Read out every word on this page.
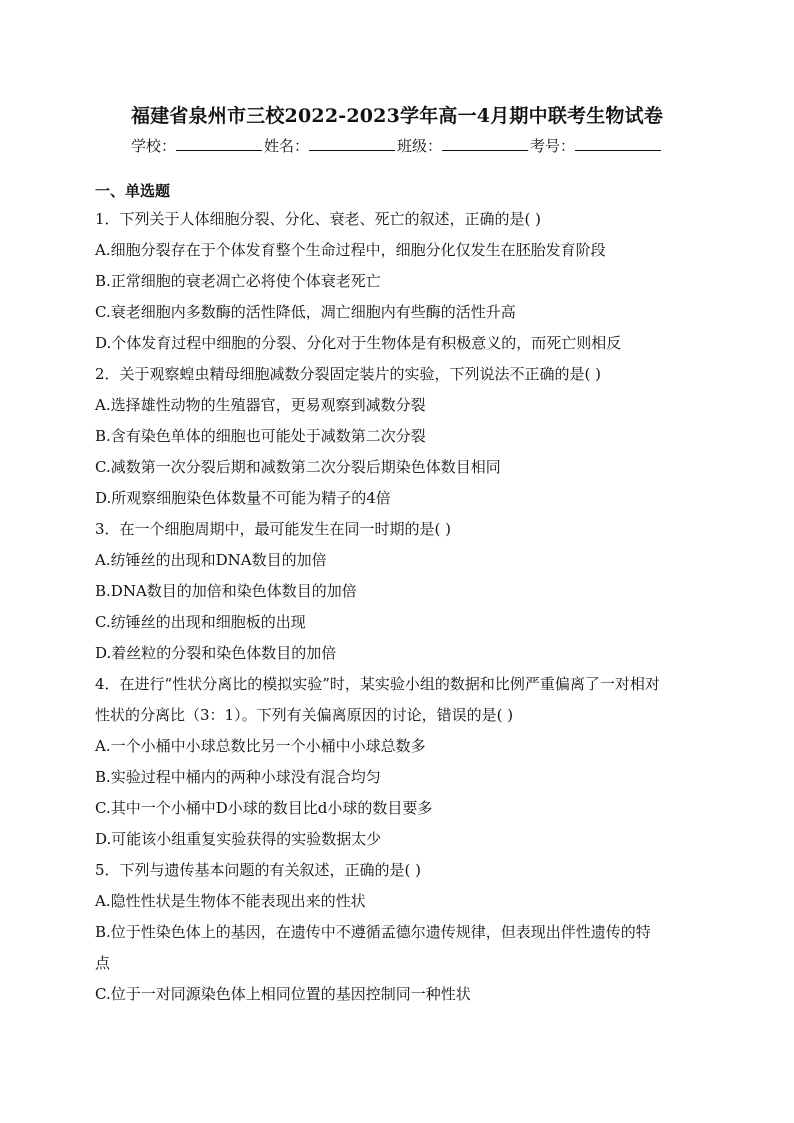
福建省泉州市三校2022-2023学年高一4月期中联考生物试卷
学校：	姓名：	班级：	考号：
一、单选题
1．下列关于人体细胞分裂、分化、衰老、死亡的叙述，正确的是( )
A.细胞分裂存在于个体发育整个生命过程中，细胞分化仅发生在胚胎发育阶段
B.正常细胞的衰老凋亡必将使个体衰老死亡
C.衰老细胞内多数酶的活性降低，凋亡细胞内有些酶的活性升高
D.个体发育过程中细胞的分裂、分化对于生物体是有积极意义的，而死亡则相反
2．关于观察蝗虫精母细胞减数分裂固定装片的实验，下列说法不正确的是( )
A.选择雄性动物的生殖器官，更易观察到减数分裂
B.含有染色单体的细胞也可能处于减数第二次分裂
C.减数第一次分裂后期和减数第二次分裂后期染色体数目相同
D.所观察细胞染色体数量不可能为精子的4倍
3．在一个细胞周期中，最可能发生在同一时期的是( )
A.纺锤丝的出现和DNA数目的加倍
B.DNA数目的加倍和染色体数目的加倍
C.纺锤丝的出现和细胞板的出现
D.着丝粒的分裂和染色体数目的加倍
4．在进行“性状分离比的模拟实验”时，某实验小组的数据和比例严重偏离了一对相对
性状的分离比（3：1）。下列有关偏离原因的讨论，错误的是( )
A.一个小桶中小球总数比另一个小桶中小球总数多
B.实验过程中桶内的两种小球没有混合均匀
C.其中一个小桶中D小球的数目比d小球的数目要多
D.可能该小组重复实验获得的实验数据太少
5．下列与遗传基本问题的有关叙述，正确的是( )
A.隐性性状是生物体不能表现出来的性状
B.位于性染色体上的基因，在遗传中不遵循孟德尔遗传规律，但表现出伴性遗传的特
点
C.位于一对同源染色体上相同位置的基因控制同一种性状
